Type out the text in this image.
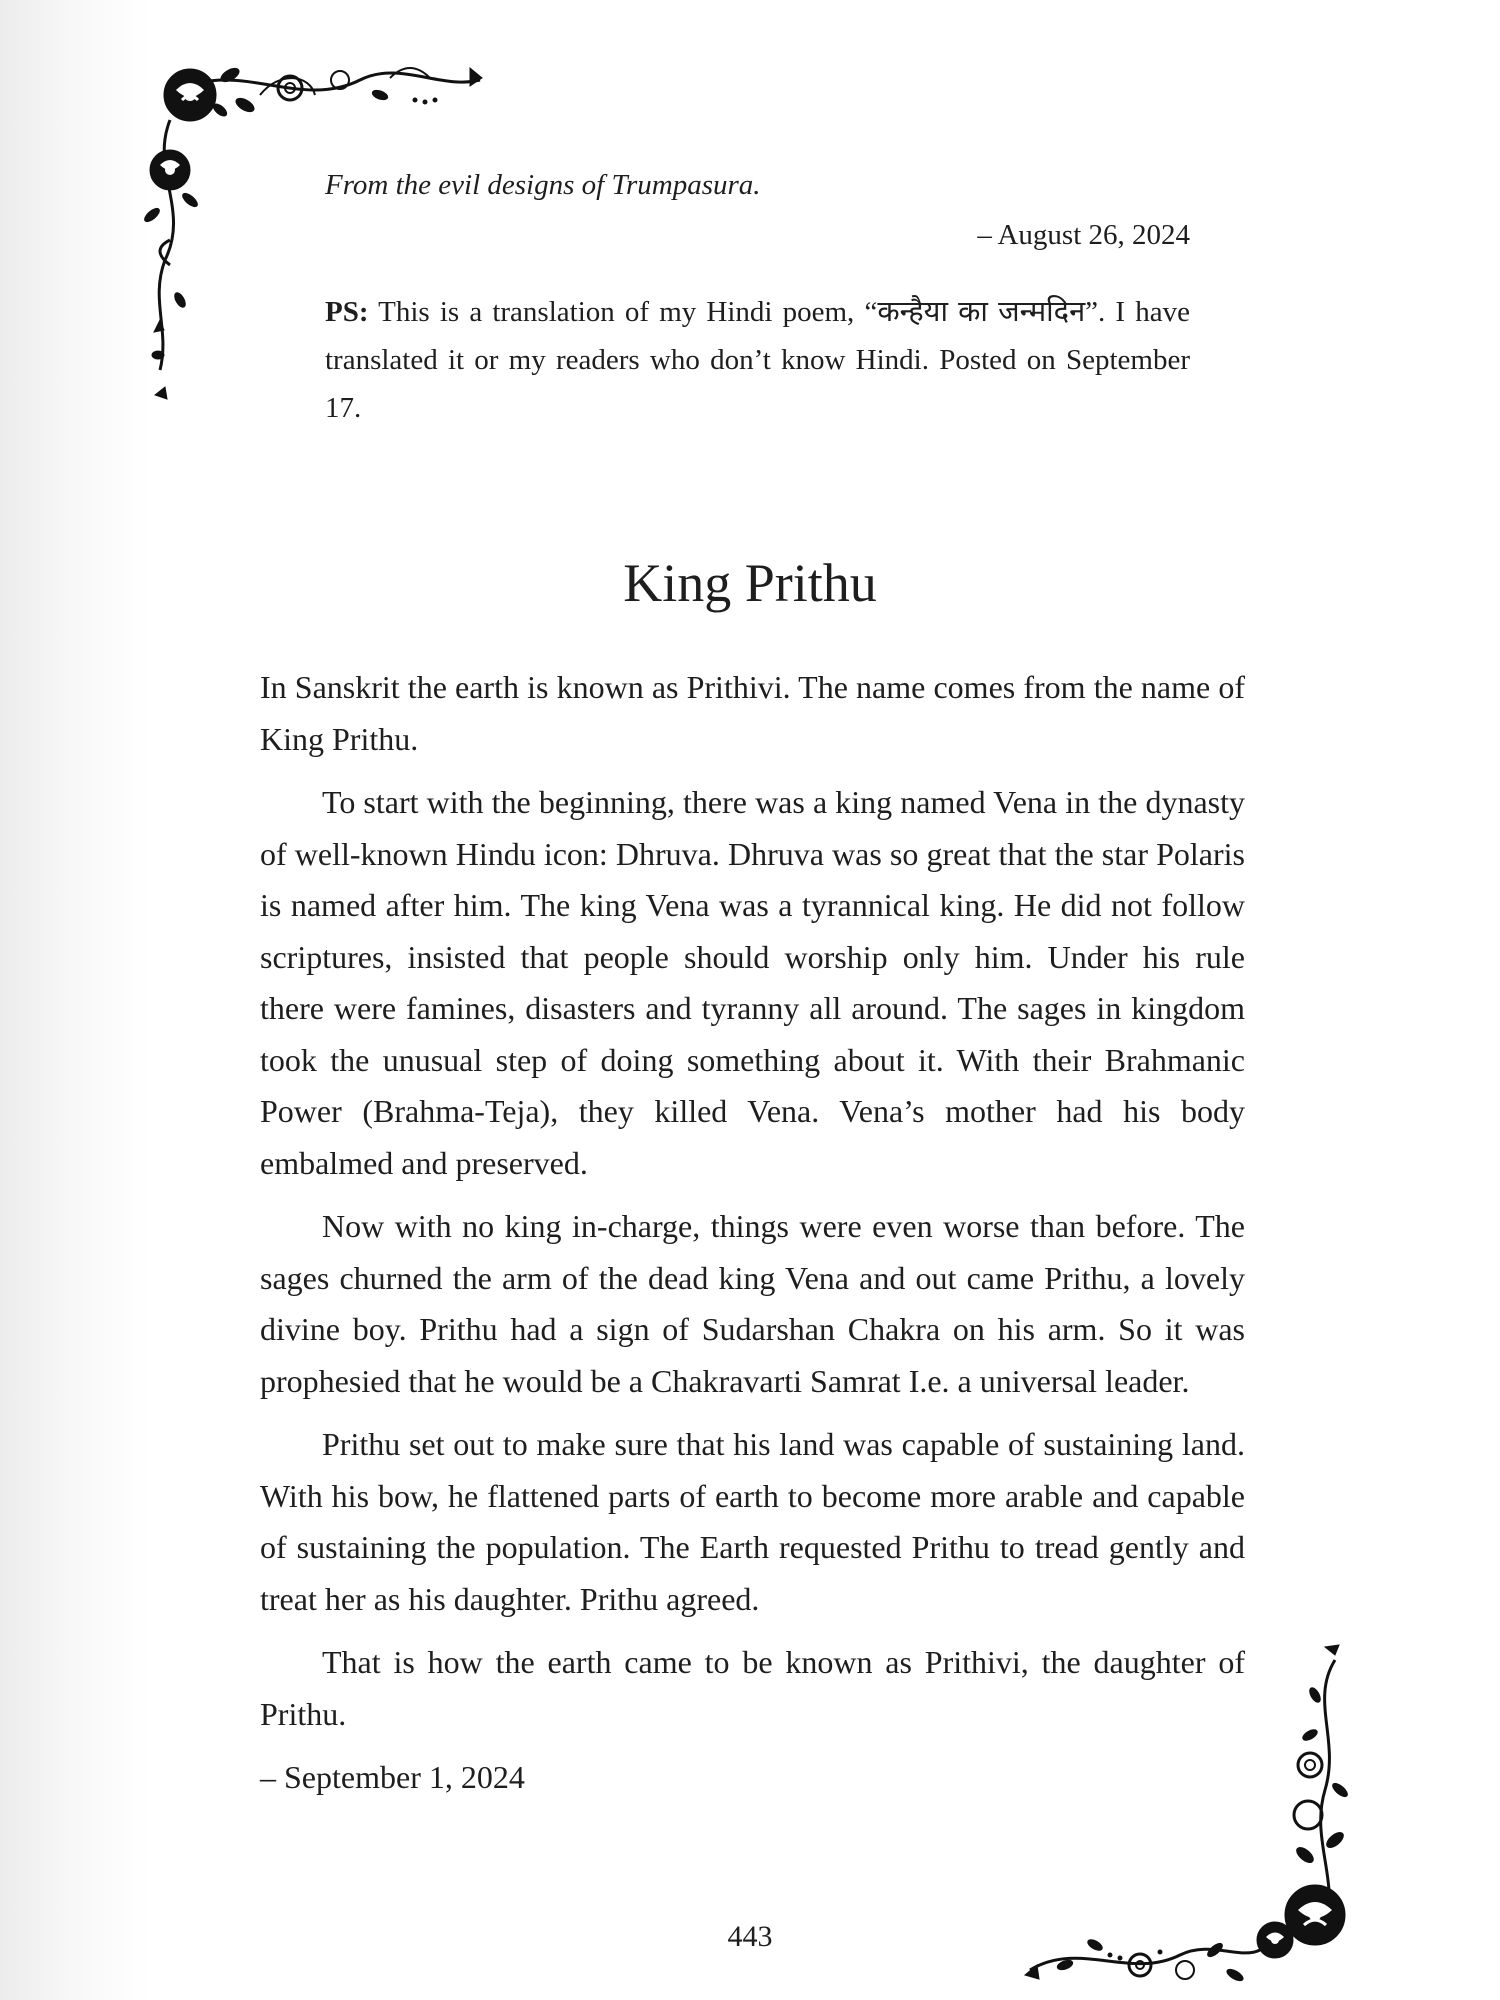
From the evil designs of Trumpasura.

– August 26, 2024

PS: This is a translation of my Hindi poem, “कन्हैया का जन्मदिन”. I have translated it or my readers who don’t know Hindi. Posted on September 17.

King Prithu

In Sanskrit the earth is known as Prithivi. The name comes from the name of King Prithu.

To start with the beginning, there was a king named Vena in the dynasty of well-known Hindu icon: Dhruva. Dhruva was so great that the star Polaris is named after him. The king Vena was a tyrannical king. He did not follow scriptures, insisted that people should worship only him. Under his rule there were famines, disasters and tyranny all around. The sages in kingdom took the unusual step of doing something about it. With their Brahmanic Power (Brahma-Teja), they killed Vena. Vena’s mother had his body embalmed and preserved.

Now with no king in-charge, things were even worse than before. The sages churned the arm of the dead king Vena and out came Prithu, a lovely divine boy. Prithu had a sign of Sudarshan Chakra on his arm. So it was prophesied that he would be a Chakravarti Samrat I.e. a universal leader.

Prithu set out to make sure that his land was capable of sustaining land. With his bow, he flattened parts of earth to become more arable and capable of sustaining the population. The Earth requested Prithu to tread gently and treat her as his daughter. Prithu agreed.

That is how the earth came to be known as Prithivi, the daughter of Prithu.

– September 1, 2024

443
